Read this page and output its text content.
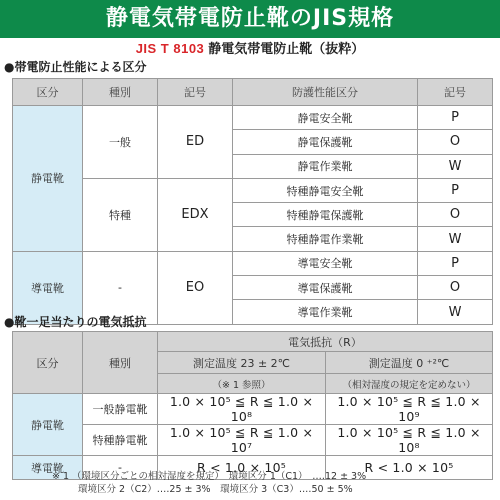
静電気帯電防止靴のJIS規格
JIS T 8103 静電気帯電防止靴（抜粋）
●帯電防止性能による区分
区分	種別	記号	防護性能区分	記号
静電靴	一般	ED	静電安全靴	P
			静電保護靴	O
			静電作業靴	W
	特種	EDX	特種静電安全靴	P
			特種静電保護靴	O
			特種静電作業靴	W
導電靴	-	EO	導電安全靴	P
			導電保護靴	O
			導電作業靴	W
●靴一足当たりの電気抵抗
区分	種別	電気抵抗（R）	
		測定温度 23 ± 2℃	測定温度 0 ⁺²℃
		（※ 1 参照）	（相対湿度の規定を定めない）
静電靴	一般静電靴	1.0 × 10⁵ ≦ R ≦ 1.0 × 10⁸	1.0 × 10⁵ ≦ R ≦ 1.0 × 10⁹
	特種静電靴	1.0 × 10⁵ ≦ R ≦ 1.0 × 10⁷	1.0 × 10⁵ ≦ R ≦ 1.0 × 10⁸
導電靴	-	R < 1.0 × 10⁵	R < 1.0 × 10⁵
※ 1 （環境区分ごとの相対湿度を規定）　環境区分 1（C1）　‥‥12 ± 3%
環境区分 2（C2）‥‥25 ± 3%　環境区分 3（C3）‥‥50 ± 5%
